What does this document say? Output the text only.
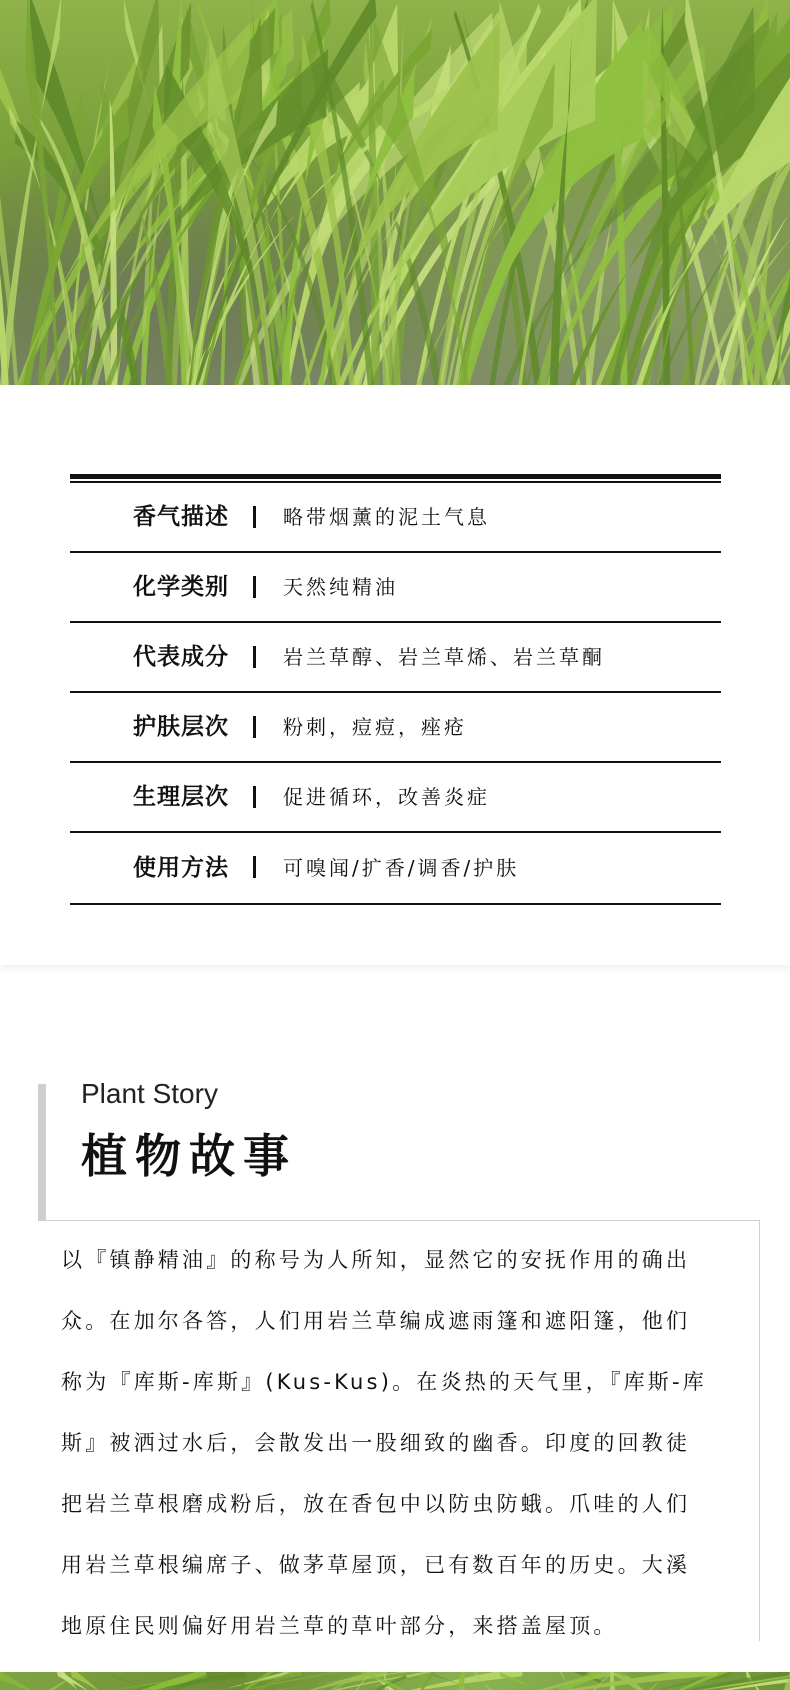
香气描述	略带烟薰的泥土气息
化学类别	天然纯精油
代表成分	岩兰草醇、岩兰草烯、岩兰草酮
护肤层次	粉刺，痘痘，痤疮
生理层次	促进循环，改善炎症
使用方法	可嗅闻/扩香/调香/护肤
Plant Story
植物故事
以『镇静精油』的称号为人所知，显然它的安抚作用的确出
众。在加尔各答，人们用岩兰草编成遮雨篷和遮阳篷，他们
称为『库斯-库斯』(Kus-Kus)。在炎热的天气里，『库斯-库
斯』被洒过水后，会散发出一股细致的幽香。印度的回教徒
把岩兰草根磨成粉后，放在香包中以防虫防蛾。爪哇的人们
用岩兰草根编席子、做茅草屋顶，已有数百年的历史。大溪
地原住民则偏好用岩兰草的草叶部分，来搭盖屋顶。
